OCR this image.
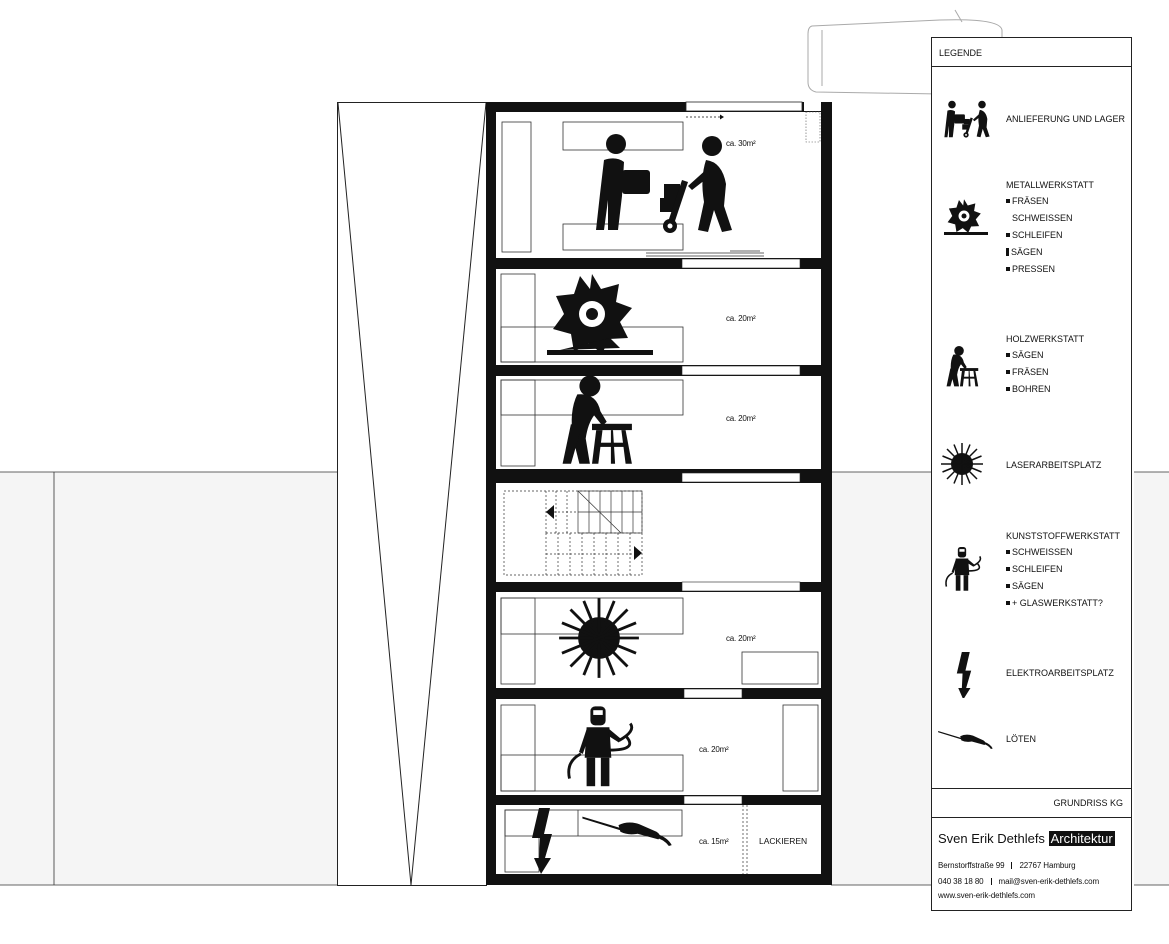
ca. 30m²
ca. 20m²
ca. 20m²
ca. 20m²
ca. 20m²
ca. 15m²	LACKIEREN
LEGENDE
ANLIEFERUNG UND LAGER
METALLWERKSTATT
FRÄSEN
SCHWEISSEN
SCHLEIFEN
SÄGEN
PRESSEN
HOLZWERKSTATT
SÄGEN
FRÄSEN
BOHREN
LASERARBEITSPLATZ
KUNSTSTOFFWERKSTATT
SCHWEISSEN
SCHLEIFEN
SÄGEN
+ GLASWERKSTATT?
ELEKTROARBEITSPLATZ
LÖTEN
GRUNDRISS KG
Sven Erik Dethlefs Architektur
Bernstorffstraße 99 22767 Hamburg
040 38 18 80 mail@sven-erik-dethlefs.com
www.sven-erik-dethlefs.com
